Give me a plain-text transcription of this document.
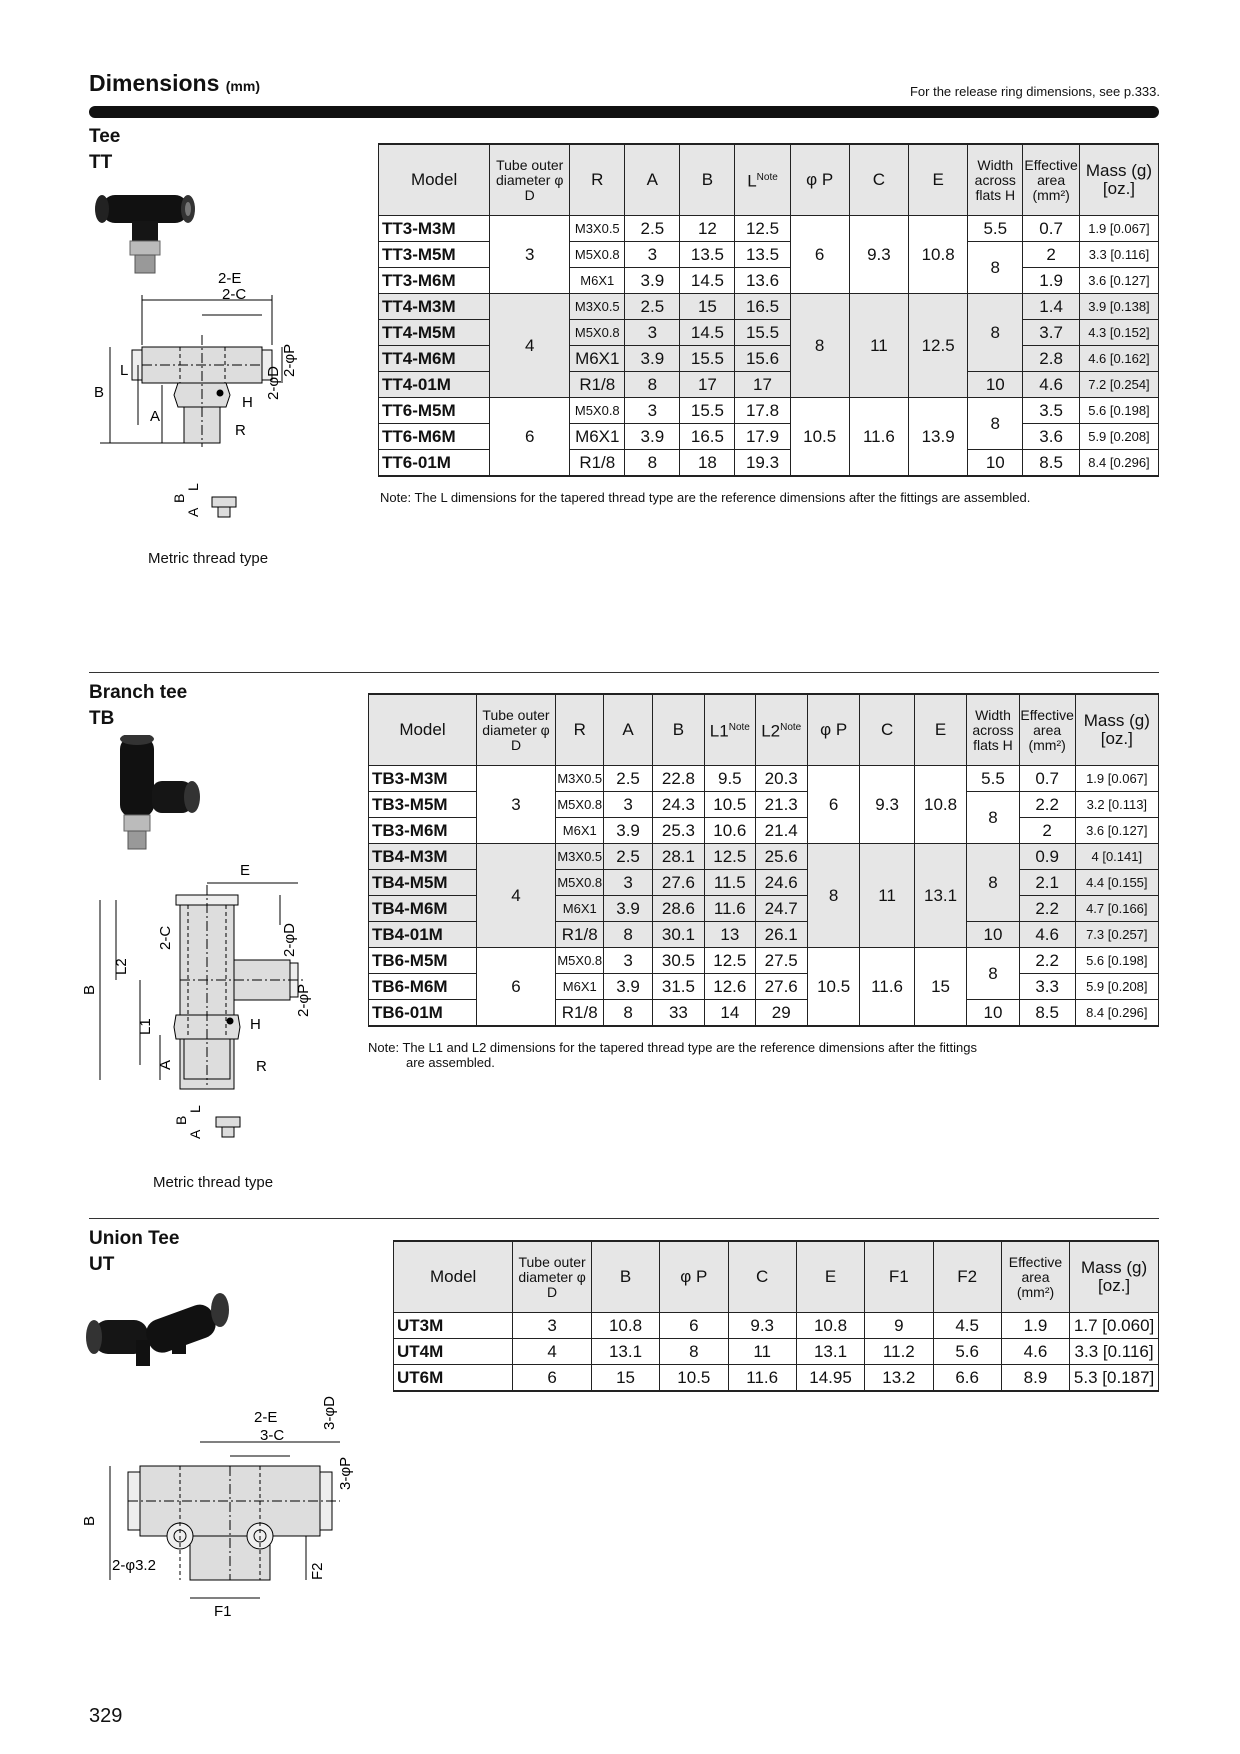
Dimensions (mm)	For the release ring dimensions, see p.333.
Tee
TT
2-E
2-C
B
L
A
H
R
2-φD
2-φP
B
L
A
Metric thread type
Model	Tube outer diameter φ D	R	A	B	$L^{Note}$	φ P	C	E	Width across flats H	Effective area (mm²)	Mass (g) [oz.]
TT3-M3M	3	M3X0.5	2.5	12	12.5	6	9.3	10.8	5.5	0.7	1.9 [0.067]
TT3-M5M		M5X0.8	3	13.5	13.5				8	2	3.3 [0.116]
TT3-M6M		M6X1	3.9	14.5	13.6					1.9	3.6 [0.127]
TT4-M3M	4	M3X0.5	2.5	15	16.5	8	11	12.5	8	1.4	3.9 [0.138]
TT4-M5M		M5X0.8	3	14.5	15.5					3.7	4.3 [0.152]
TT4-M6M		M6X1	3.9	15.5	15.6					2.8	4.6 [0.162]
TT4-01M		R1/8	8	17	17				10	4.6	7.2 [0.254]
TT6-M5M	6	M5X0.8	3	15.5	17.8	10.5	11.6	13.9	8	3.5	5.6 [0.198]
TT6-M6M		M6X1	3.9	16.5	17.9					3.6	5.9 [0.208]
TT6-01M		R1/8	8	18	19.3				10	8.5	8.4 [0.296]
Note: The L dimensions for the tapered thread type are the reference dimensions after the fittings are assembled.
Branch tee
TB
E
2-C	2-φD
B
L2
L1
2-φP
A
H
R
B
L
A
Metric thread type
Model	Tube outer diameter φ D	R	A	B	$L1^{Note}$	$L2^{Note}$	φ P	C	E	Width across flats H	Effective area (mm²)	Mass (g) [oz.]
TB3-M3M	3	M3X0.5	2.5	22.8	9.5	20.3	6	9.3	10.8	5.5	0.7	1.9 [0.067]
TB3-M5M		M5X0.8	3	24.3	10.5	21.3				8	2.2	3.2 [0.113]
TB3-M6M		M6X1	3.9	25.3	10.6	21.4					2	3.6 [0.127]
TB4-M3M	4	M3X0.5	2.5	28.1	12.5	25.6	8	11	13.1	8	0.9	4 [0.141]
TB4-M5M		M5X0.8	3	27.6	11.5	24.6					2.1	4.4 [0.155]
TB4-M6M		M6X1	3.9	28.6	11.6	24.7					2.2	4.7 [0.166]
TB4-01M		R1/8	8	30.1	13	26.1				10	4.6	7.3 [0.257]
TB6-M5M	6	M5X0.8	3	30.5	12.5	27.5	10.5	11.6	15	8	2.2	5.6 [0.198]
TB6-M6M		M6X1	3.9	31.5	12.6	27.6					3.3	5.9 [0.208]
TB6-01M		R1/8	8	33	14	29				10	8.5	8.4 [0.296]
Note: The L1 and L2 dimensions for the tapered thread type are the reference dimensions after the fittings
are assembled.
Union Tee
UT
2-E
3-C
3-φD
3-φP
B
2-φ3.2	F2
F1
Model	Tube outer diameter φ D	B	φ P	C	E	F1	F2	Effective area (mm²)	Mass (g) [oz.]
UT3M	3	10.8	6	9.3	10.8	9	4.5	1.9	1.7 [0.060]
UT4M	4	13.1	8	11	13.1	11.2	5.6	4.6	3.3 [0.116]
UT6M	6	15	10.5	11.6	14.95	13.2	6.6	8.9	5.3 [0.187]
329
